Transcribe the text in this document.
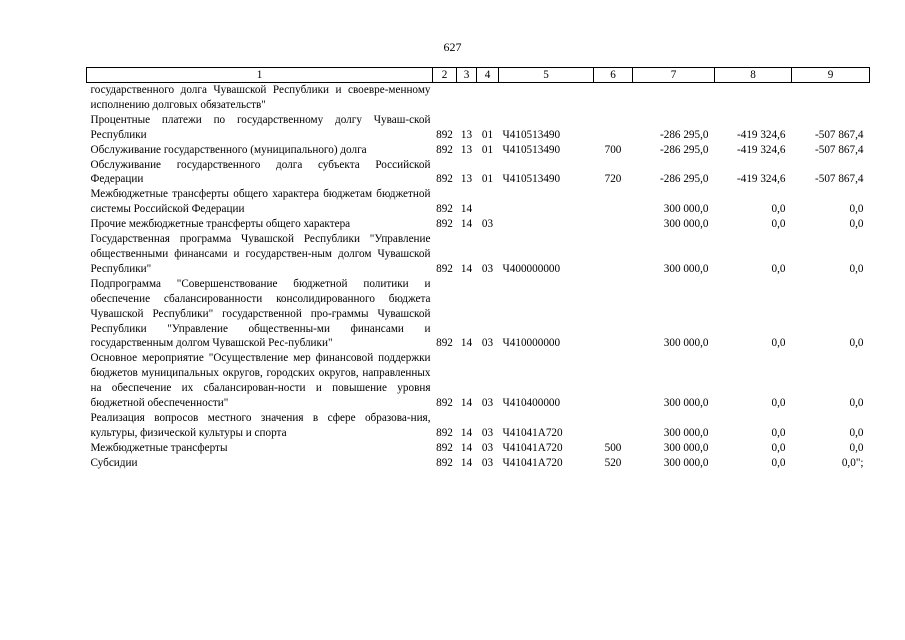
627
1	2	3	4	5	6	7	8	9
государственного долга Чувашской Республики и своевре-менному исполнению долговых обязательств"								
Процентные платежи по государственному долгу Чуваш-ской Республики	892	13	01	Ч410513490		-286 295,0	-419 324,6	-507 867,4
Обслуживание государственного (муниципального) долга	892	13	01	Ч410513490	700	-286 295,0	-419 324,6	-507 867,4
Обслуживание государственного долга субъекта Российской Федерации	892	13	01	Ч410513490	720	-286 295,0	-419 324,6	-507 867,4
Межбюджетные трансферты общего характера бюджетам бюджетной системы Российской Федерации	892	14				300 000,0	0,0	0,0
Прочие межбюджетные трансферты общего характера	892	14	03			300 000,0	0,0	0,0
Государственная программа Чувашской Республики "Управление общественными финансами и государствен-ным долгом Чувашской Республики"	892	14	03	Ч400000000		300 000,0	0,0	0,0
Подпрограмма "Совершенствование бюджетной политики и обеспечение сбалансированности консолидированного бюджета Чувашской Республики" государственной про-граммы Чувашской Республики "Управление общественны-ми финансами и государственным долгом Чувашской Рес-публики"	892	14	03	Ч410000000		300 000,0	0,0	0,0
Основное мероприятие "Осуществление мер финансовой поддержки бюджетов муниципальных округов, городских округов, направленных на обеспечение их сбалансирован-ности и повышение уровня бюджетной обеспеченности"	892	14	03	Ч410400000		300 000,0	0,0	0,0
Реализация вопросов местного значения в сфере образова-ния, культуры, физической культуры и спорта	892	14	03	Ч41041А720		300 000,0	0,0	0,0
Межбюджетные трансферты	892	14	03	Ч41041А720	500	300 000,0	0,0	0,0
Субсидии	892	14	03	Ч41041А720	520	300 000,0	0,0	0,0";
